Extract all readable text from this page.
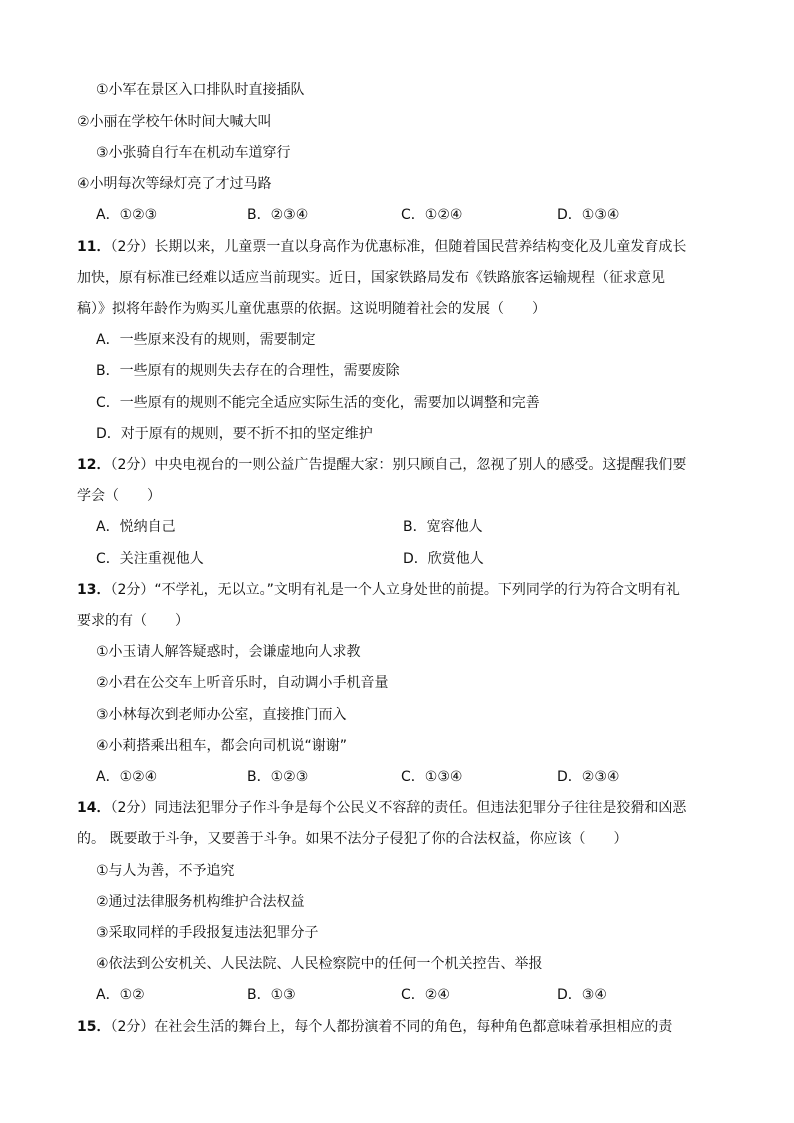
①小军在景区入口排队时直接插队
②小丽在学校午休时间大喊大叫
③小张骑自行车在机动车道穿行
④小明每次等绿灯亮了才过马路
A．①②③	B．②③④	C．①②④	D．①③④
11．（2分）长期以来，儿童票一直以身高作为优惠标准，但随着国民营养结构变化及儿童发育成长
加快，原有标准已经难以适应当前现实。近日，国家铁路局发布《铁路旅客运输规程（征求意见
稿）》拟将年龄作为购买儿童优惠票的依据。这说明随着社会的发展（　　）
A．一些原来没有的规则，需要制定
B．一些原有的规则失去存在的合理性，需要废除
C．一些原有的规则不能完全适应实际生活的变化，需要加以调整和完善
D．对于原有的规则，要不折不扣的坚定维护
12．（2分）中央电视台的一则公益广告提醒大家：别只顾自己，忽视了别人的感受。这提醒我们要
学会（　　）
A．悦纳自己	B．宽容他人
C．关注重视他人	D．欣赏他人
13．（2分）“不学礼，无以立。”文明有礼是一个人立身处世的前提。下列同学的行为符合文明有礼
要求的有（　　）
①小玉请人解答疑惑时，会谦虚地向人求教
②小君在公交车上听音乐时，自动调小手机音量
③小林每次到老师办公室，直接推门而入
④小莉搭乘出租车，都会向司机说“谢谢”
A．①②④	B．①②③	C．①③④	D．②③④
14．（2分）同违法犯罪分子作斗争是每个公民义不容辞的责任。但违法犯罪分子往往是狡猾和凶恶
的。 既要敢于斗争，又要善于斗争。如果不法分子侵犯了你的合法权益，你应该（　　）
①与人为善，不予追究
②通过法律服务机构维护合法权益
③采取同样的手段报复违法犯罪分子
④依法到公安机关、人民法院、人民检察院中的任何一个机关控告、举报
A．①②	B．①③	C．②④	D．③④
15．（2分）在社会生活的舞台上，每个人都扮演着不同的角色，每种角色都意味着承担相应的责
